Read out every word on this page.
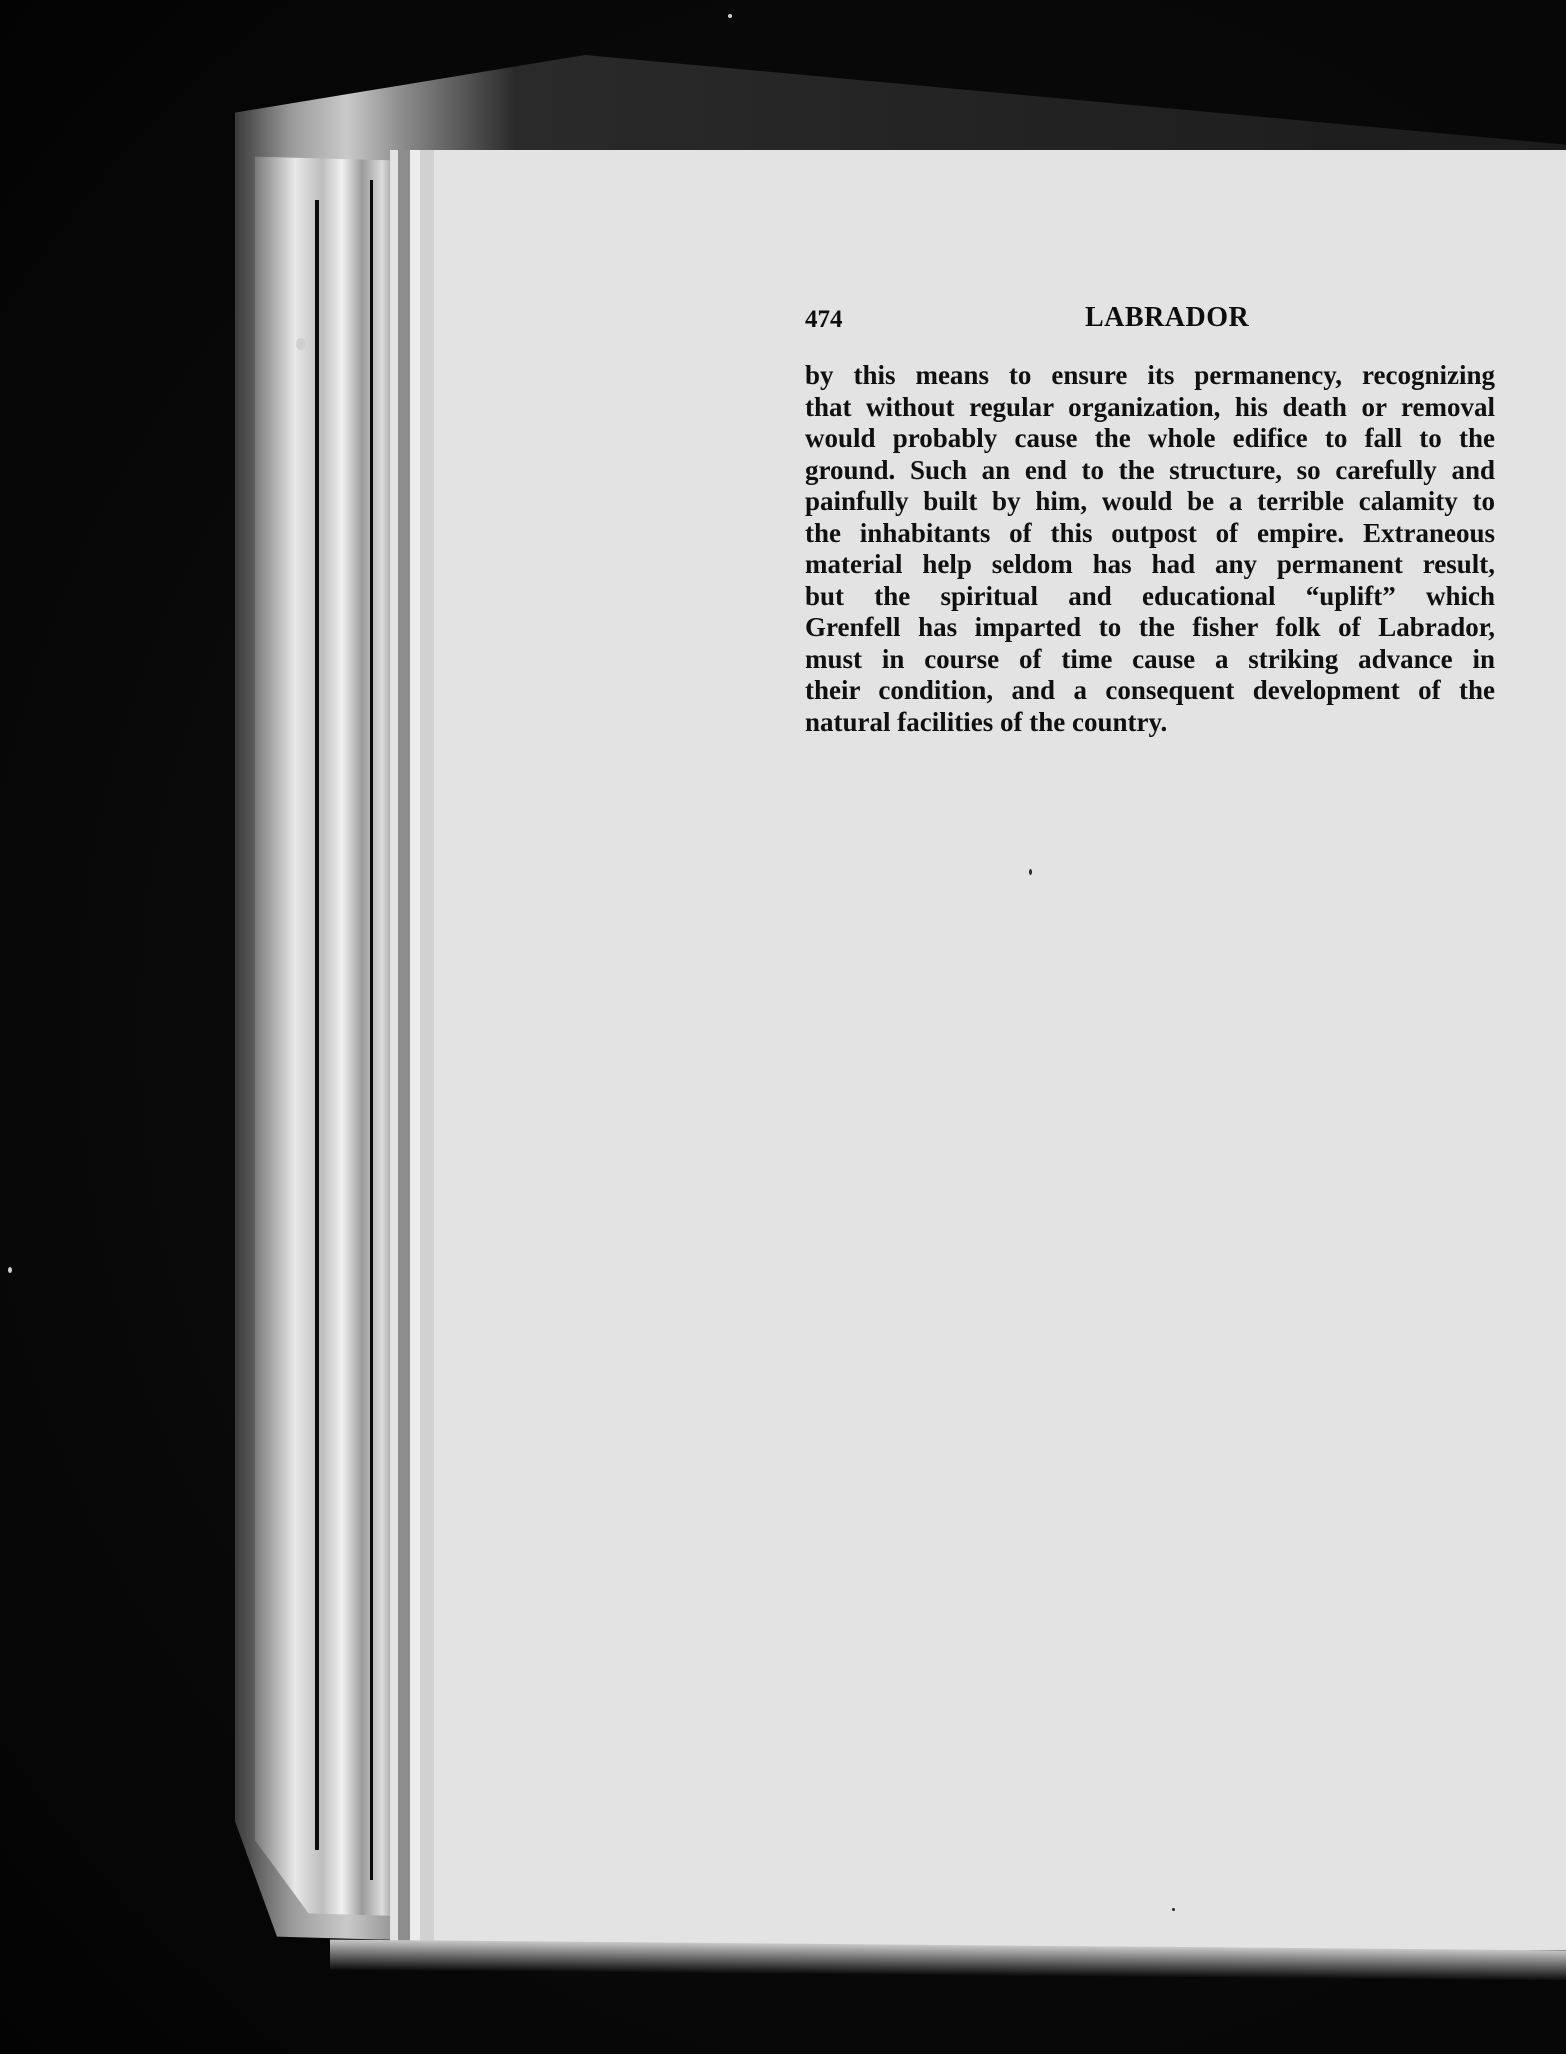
474	LABRADOR
by this means to ensure its permanency, recognizing
that without regular organization, his death or removal
would probably cause the whole edifice to fall to the
ground. Such an end to the structure, so carefully and
painfully built by him, would be a terrible calamity to
the inhabitants of this outpost of empire. Extraneous
material help seldom has had any permanent result,
but the spiritual and educational “uplift” which
Grenfell has imparted to the fisher folk of Labrador,
must in course of time cause a striking advance in
their condition, and a consequent development of the
natural facilities of the country.
